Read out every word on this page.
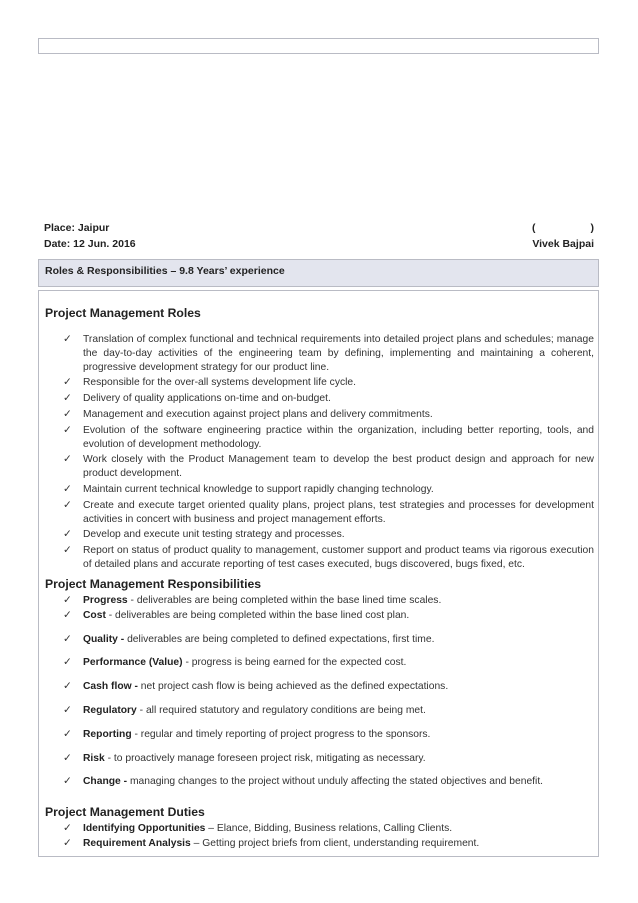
Place: Jaipur	(	)
Date: 12 Jun. 2016	Vivek Bajpai
Roles & Responsibilities – 9.8 Years’ experience
Project Management Roles
✓ Translation of complex functional and technical requirements into detailed project plans and schedules; manage the day-to-day activities of the engineering team by defining, implementing and maintaining a coherent, progressive development strategy for our product line.
✓ Responsible for the over-all systems development life cycle.
✓ Delivery of quality applications on-time and on-budget.
✓ Management and execution against project plans and delivery commitments.
✓ Evolution of the software engineering practice within the organization, including better reporting, tools, and evolution of development methodology.
✓ Work closely with the Product Management team to develop the best product design and approach for new product development.
✓ Maintain current technical knowledge to support rapidly changing technology.
✓ Create and execute target oriented quality plans, project plans, test strategies and processes for development activities in concert with business and project management efforts.
✓ Develop and execute unit testing strategy and processes.
✓ Report on status of product quality to management, customer support and product teams via rigorous execution of detailed plans and accurate reporting of test cases executed, bugs discovered, bugs fixed, etc.
Project Management Responsibilities
✓ Progress - deliverables are being completed within the base lined time scales.
✓ Cost - deliverables are being completed within the base lined cost plan.
✓ Quality - deliverables are being completed to defined expectations, first time.
✓ Performance (Value) - progress is being earned for the expected cost.
✓ Cash flow - net project cash flow is being achieved as the defined expectations.
✓ Regulatory - all required statutory and regulatory conditions are being met.
✓ Reporting - regular and timely reporting of project progress to the sponsors.
✓ Risk - to proactively manage foreseen project risk, mitigating as necessary.
✓ Change - managing changes to the project without unduly affecting the stated objectives and benefit.
Project Management Duties
✓ Identifying Opportunities – Elance, Bidding, Business relations, Calling Clients.
✓ Requirement Analysis – Getting project briefs from client, understanding requirement.
